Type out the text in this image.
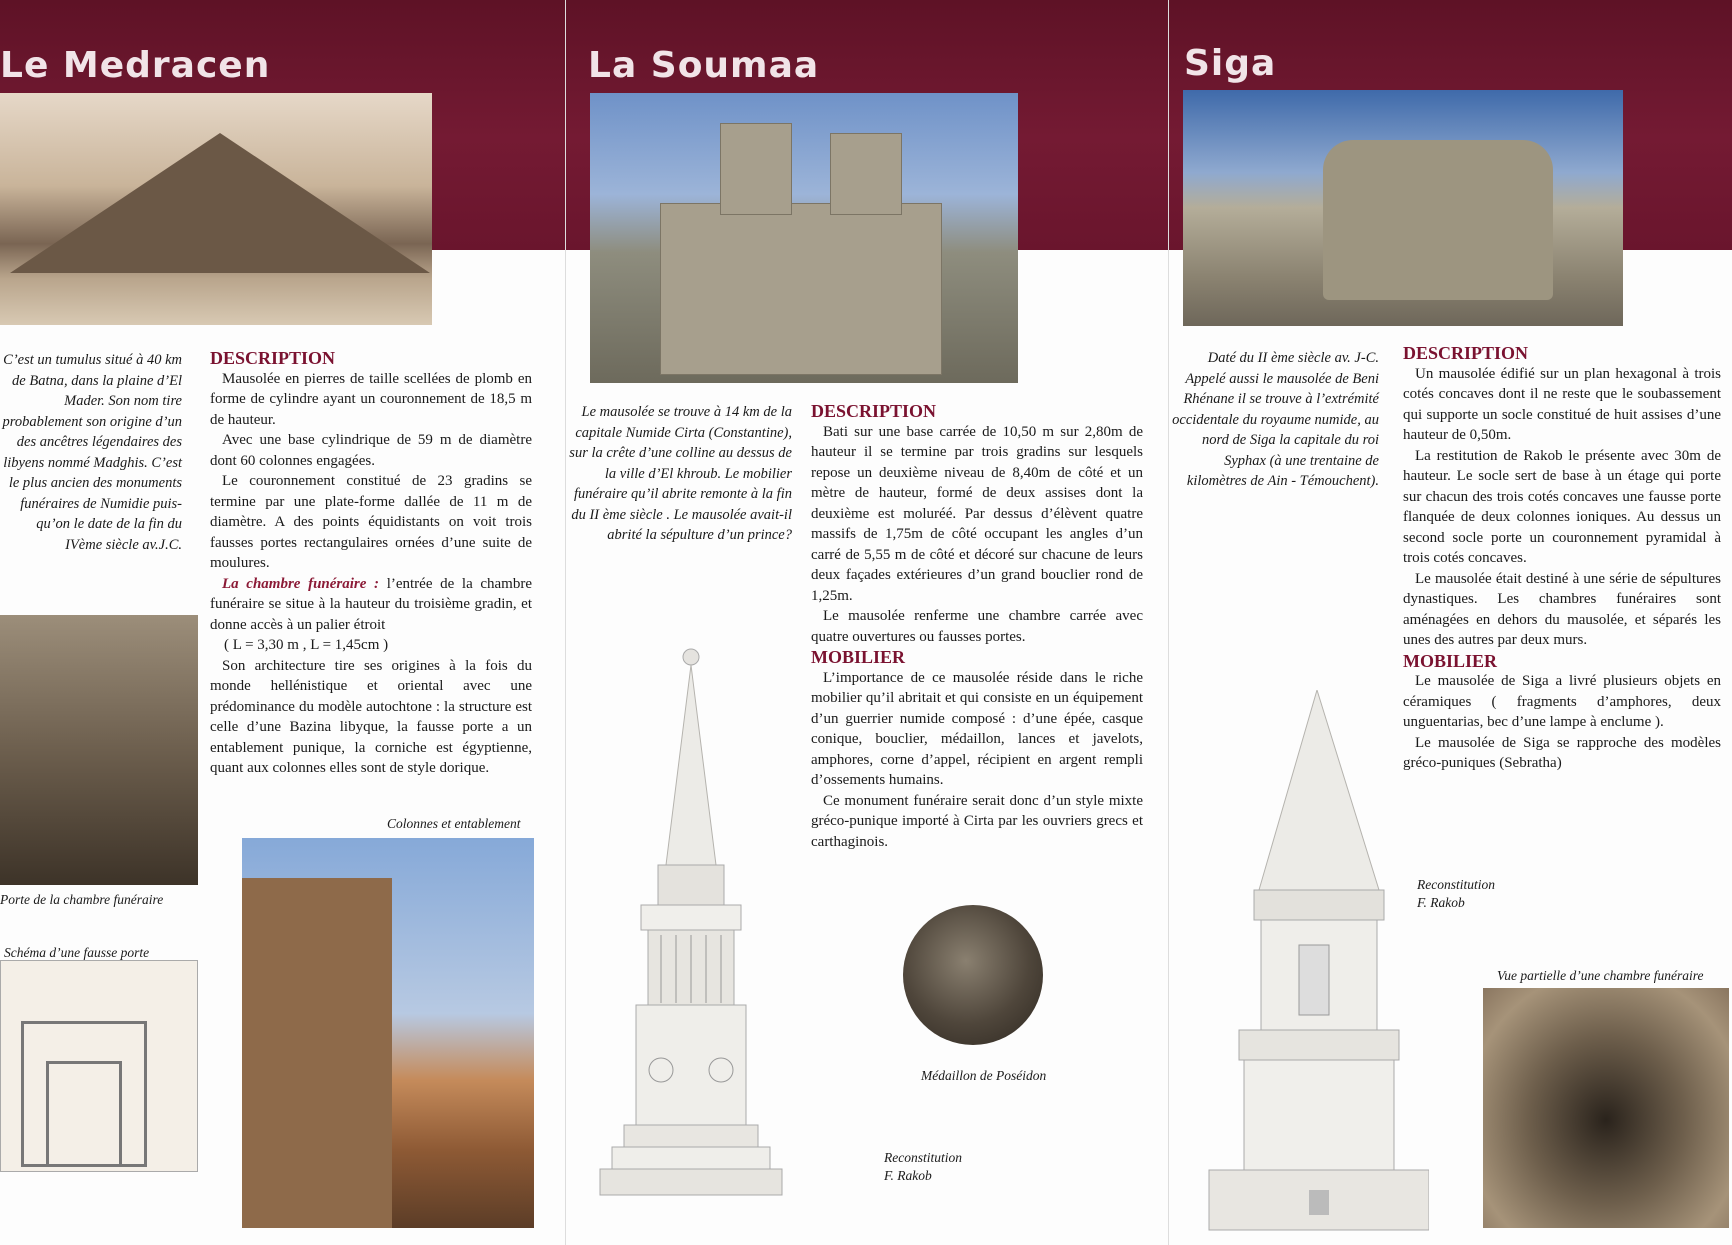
Le Medracen

C’est un tumulus situé à 40 km de Batna, dans la plaine d’El Mader. Son nom tire probablement son origine d’un des ancêtres légendaires des libyens nommé Madghis. C’est le plus ancien des monuments funéraires de Numidie puis-qu’on le date de la fin du IVème siècle av.J.C.

DESCRIPTION

Mausolée en pierres de taille scellées de plomb en forme de cylindre ayant un couronnement de 18,5 m de hauteur.

Avec une base cylindrique de 59 m de diamètre dont 60 colonnes engagées.

Le couronnement constitué de 23 gradins se termine par une plate-forme dallée de 11 m de diamètre. A des points équidistants on voit trois fausses portes rectangulaires ornées d’une suite de moulures.

La chambre funéraire : l’entrée de la chambre funéraire se situe à la hauteur du troisième gradin, et donne accès à un palier étroit

( L = 3,30 m , L = 1,45cm )

Son architecture tire ses origines à la fois du monde hellénistique et oriental avec une prédominance du modèle autochtone : la structure est celle d’une Bazina libyque, la fausse porte a un entablement punique, la corniche est égyptienne, quant aux colonnes elles sont de style dorique.

Porte de la chambre funéraire

Schéma d’une fausse porte

Colonnes et entablement

La Soumaa

Le mausolée se trouve à 14 km de la capitale Numide Cirta (Constantine), sur la crête d’une colline au dessus de la ville d’El khroub. Le mobilier funéraire qu’il abrite remonte à la fin du II ème siècle . Le mausolée avait-il abrité la sépulture d’un prince?

DESCRIPTION

Bati sur une base carrée de 10,50 m sur 2,80m de hauteur il se termine par trois gradins sur lesquels repose un deuxième niveau de 8,40m de côté et un mètre de hauteur, formé de deux assises dont la deuxième est moluréé. Par dessus d’élèvent quatre massifs de 1,75m de côté occupant les angles d’un carré de 5,55 m de côté et décoré sur chacune de leurs deux façades extérieures d’un grand bouclier rond de 1,25m.

Le mausolée renferme une chambre carrée avec quatre ouvertures ou fausses portes.

MOBILIER

L’importance de ce mausolée réside dans le riche mobilier qu’il abritait et qui consiste en un équipement d’un guerrier numide composé : d’une épée, casque conique, bouclier, médaillon, lances et javelots, amphores, corne d’appel, récipient en argent rempli d’ossements humains.

Ce monument funéraire serait donc d’un style mixte gréco-punique importé à Cirta par les ouvriers grecs et carthaginois.

Médaillon de Poséidon

Reconstitution

F. Rakob

Siga

Daté du II ème siècle av. J-C. Appelé aussi le mausolée de Beni Rhénane il se trouve à l’extrémité occidentale du royaume numide, au nord de Siga la capitale du roi Syphax (à une trentaine de kilomètres de Ain - Témouchent).

DESCRIPTION

Un mausolée édifié sur un plan hexagonal à trois cotés concaves dont il ne reste que le soubassement qui supporte un socle constitué de huit assises d’une hauteur de 0,50m.

La restitution de Rakob le présente avec 30m de hauteur. Le socle sert de base à un étage qui porte sur chacun des trois cotés concaves une fausse porte flanquée de deux colonnes ioniques. Au dessus un second socle porte un couronnement pyramidal à trois cotés concaves.

Le mausolée était destiné à une série de sépultures dynastiques. Les chambres funéraires sont aménagées en dehors du mausolée, et séparés les unes des autres par deux murs.

MOBILIER

Le mausolée de Siga a livré plusieurs objets en céramiques ( fragments d’amphores, deux unguentarias, bec d’une lampe à enclume ).

Le mausolée de Siga se rapproche des modèles gréco-puniques (Sebratha)

Reconstitution

F. Rakob

Vue partielle d’une chambre funéraire
